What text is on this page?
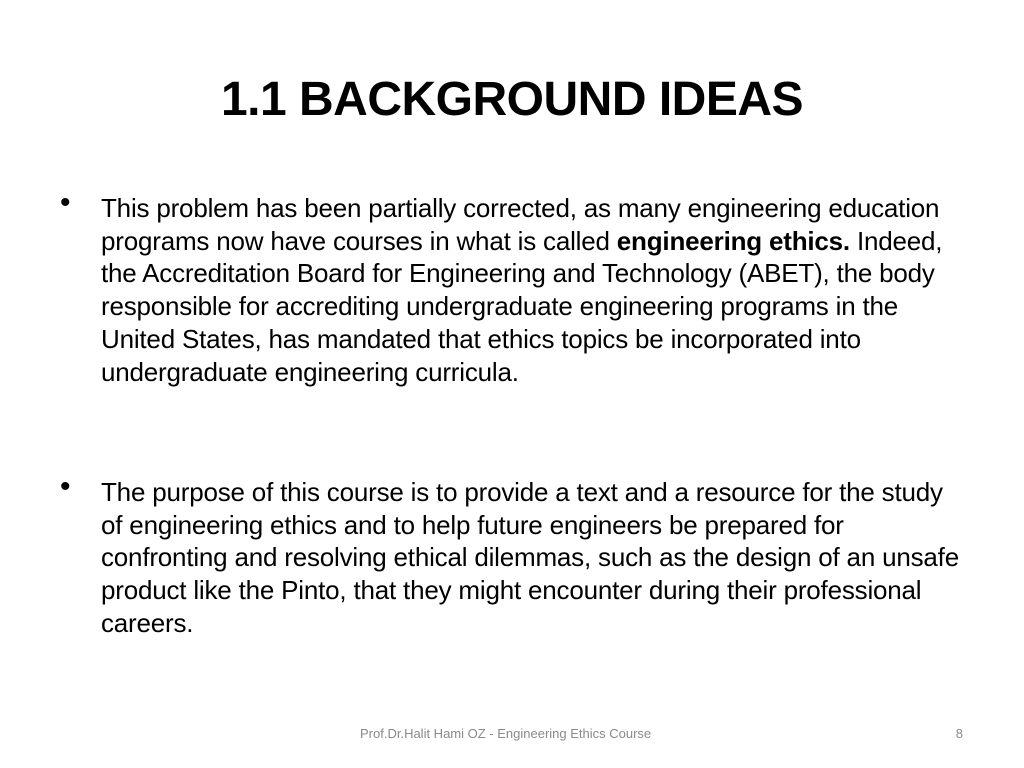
1.1 BACKGROUND IDEAS
• This problem has been partially corrected, as many engineering education programs now have courses in what is called engineering ethics. Indeed, the Accreditation Board for Engineering and Technology (ABET), the body responsible for accrediting undergraduate engineering programs in the United States, has mandated that ethics topics be incorporated into undergraduate engineering curricula.

• The purpose of this course is to provide a text and a resource for the study of engineering ethics and to help future engineers be prepared for confronting and resolving ethical dilemmas, such as the design of an unsafe product like the Pinto, that they might encounter during their professional careers.

Prof.Dr.Halit Hami OZ - Engineering Ethics Course	8
